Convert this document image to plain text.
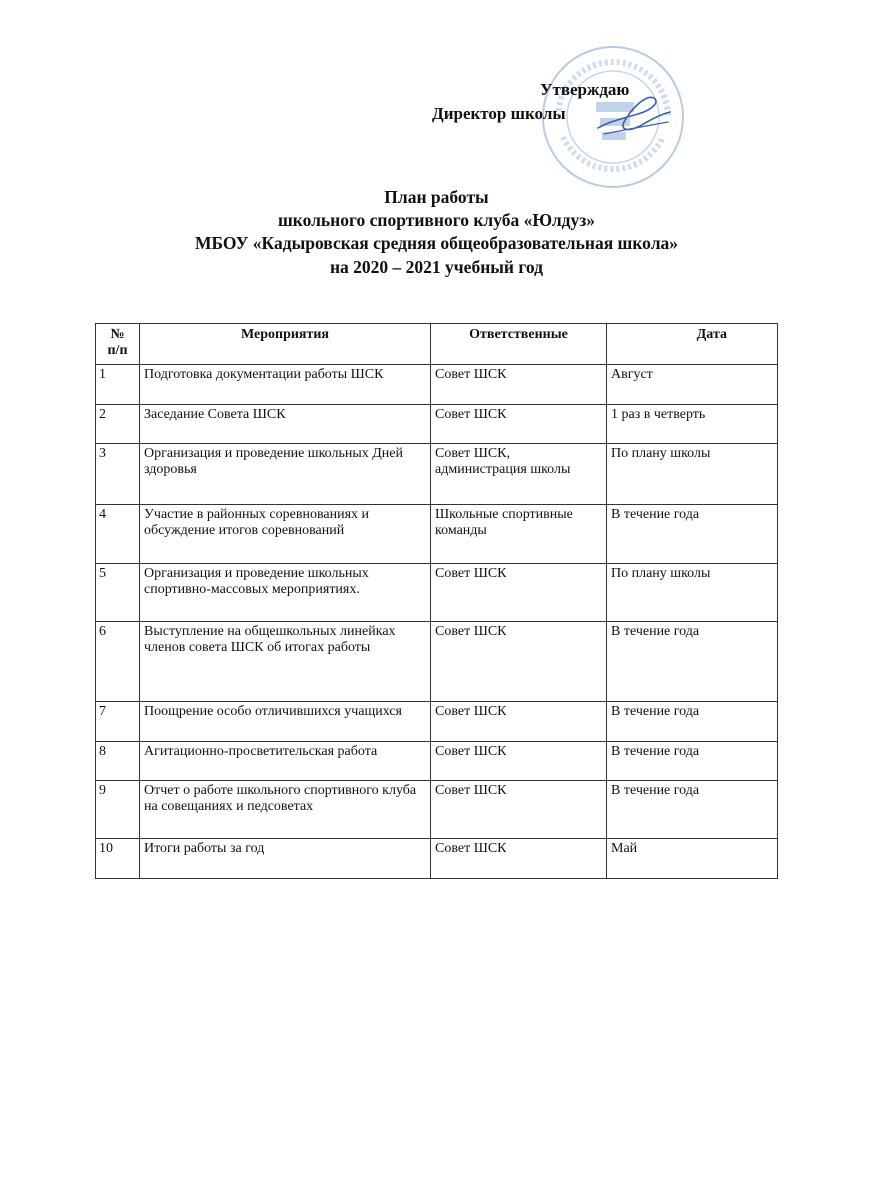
Утверждаю
Директор школы
План работы
школьного спортивного клуба «Юлдуз»
МБОУ «Кадыровская средняя общеобразовательная школа»
на 2020 – 2021 учебный год
№
п/п	Мероприятия	Ответственные	Дата
1	Подготовка документации работы ШСК	Совет ШСК	Август
2	Заседание Совета ШСК	Совет ШСК	1 раз в четверть
3	Организация и проведение школьных Дней здоровья	Совет ШСК, администрация школы	По плану школы
4	Участие в районных соревнованиях и обсуждение итогов соревнований	Школьные спортивные команды	В течение года
5	Организация и проведение школьных спортивно-массовых мероприятиях.	Совет ШСК	По плану школы
6	Выступление на общешкольных линейках членов совета ШСК об итогах работы	Совет ШСК	В течение года
7	Поощрение особо отличившихся учащихся	Совет ШСК	В течение года
8	Агитационно-просветительская работа	Совет ШСК	В течение года
9	Отчет о работе школьного спортивного клуба на совещаниях и педсоветах	Совет ШСК	В течение года
10	Итоги работы за год	Совет ШСК	Май
